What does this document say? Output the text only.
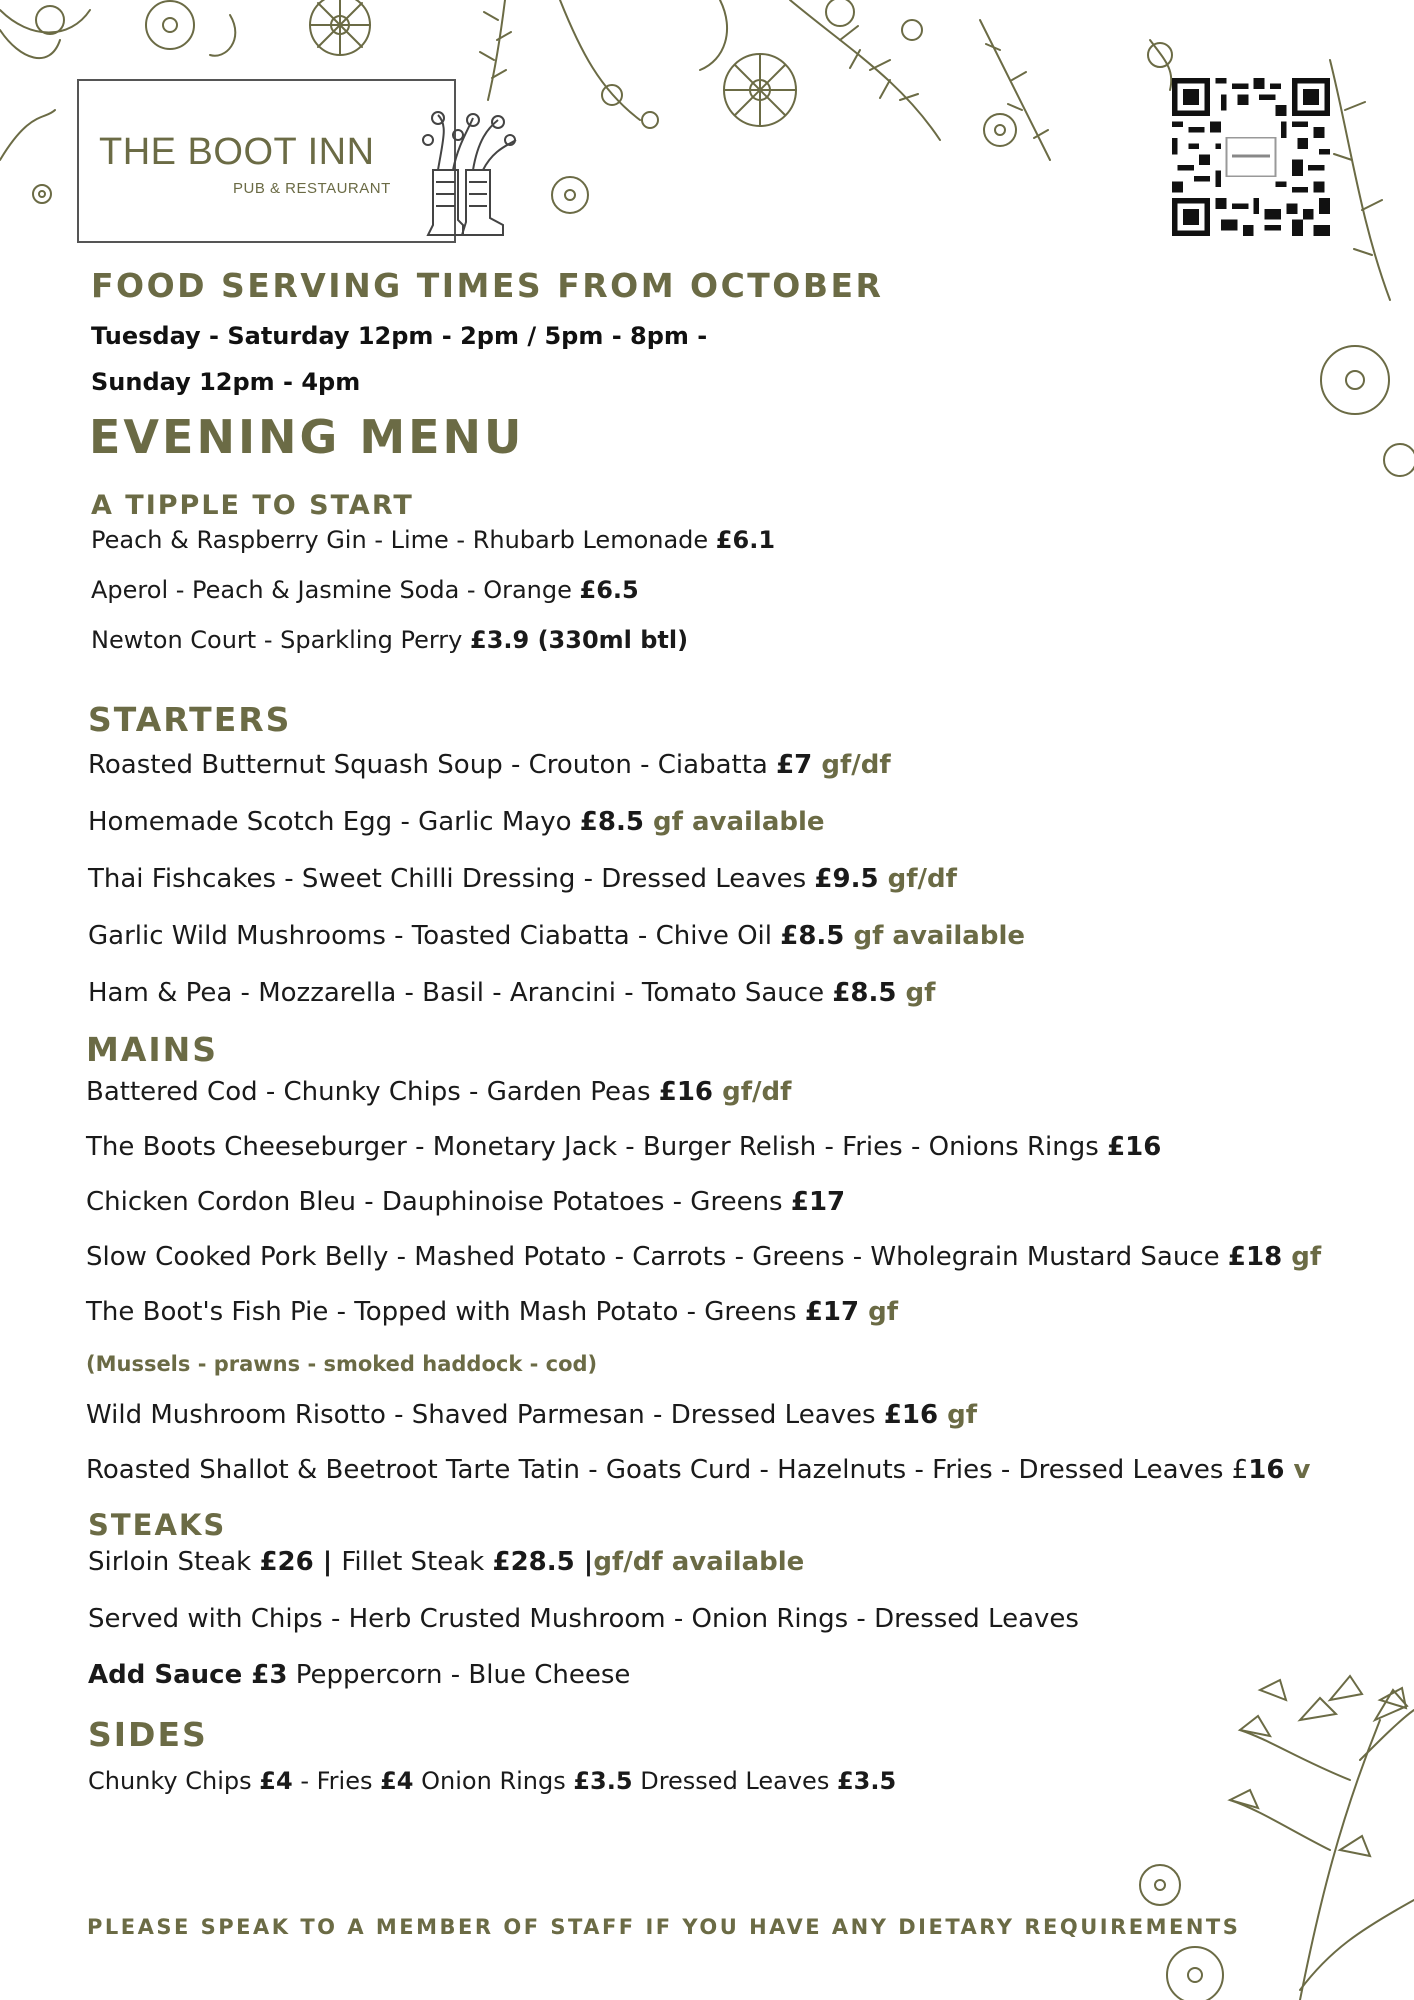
THE BOOT INN
PUB & RESTAURANT
FOOD SERVING TIMES FROM OCTOBER
Tuesday - Saturday 12pm - 2pm / 5pm - 8pm -
Sunday 12pm - 4pm
EVENING MENU
A TIPPLE TO START
Peach & Raspberry Gin - Lime - Rhubarb Lemonade £6.1
Aperol - Peach & Jasmine Soda - Orange £6.5
Newton Court - Sparkling Perry £3.9 (330ml btl)
STARTERS
Roasted Butternut Squash Soup - Crouton - Ciabatta £7 gf/df
Homemade Scotch Egg - Garlic Mayo £8.5 gf available
Thai Fishcakes - Sweet Chilli Dressing - Dressed Leaves £9.5 gf/df
Garlic Wild Mushrooms - Toasted Ciabatta - Chive Oil £8.5 gf available
Ham & Pea - Mozzarella - Basil - Arancini - Tomato Sauce £8.5 gf
MAINS
Battered Cod - Chunky Chips - Garden Peas £16 gf/df
The Boots Cheeseburger - Monetary Jack - Burger Relish - Fries - Onions Rings £16
Chicken Cordon Bleu - Dauphinoise Potatoes - Greens £17
Slow Cooked Pork Belly - Mashed Potato - Carrots - Greens - Wholegrain Mustard Sauce £18 gf
The Boot's Fish Pie - Topped with Mash Potato - Greens £17 gf
(Mussels - prawns - smoked haddock - cod)
Wild Mushroom Risotto - Shaved Parmesan - Dressed Leaves £16 gf
Roasted Shallot & Beetroot Tarte Tatin - Goats Curd - Hazelnuts - Fries - Dressed Leaves £16 v
STEAKS
Sirloin Steak £26 | Fillet Steak £28.5 |gf/df available
Served with Chips - Herb Crusted Mushroom - Onion Rings - Dressed Leaves
Add Sauce £3 Peppercorn - Blue Cheese
SIDES
Chunky Chips £4 - Fries £4 Onion Rings £3.5 Dressed Leaves £3.5
PLEASE SPEAK TO A MEMBER OF STAFF IF YOU HAVE ANY DIETARY REQUIREMENTS
